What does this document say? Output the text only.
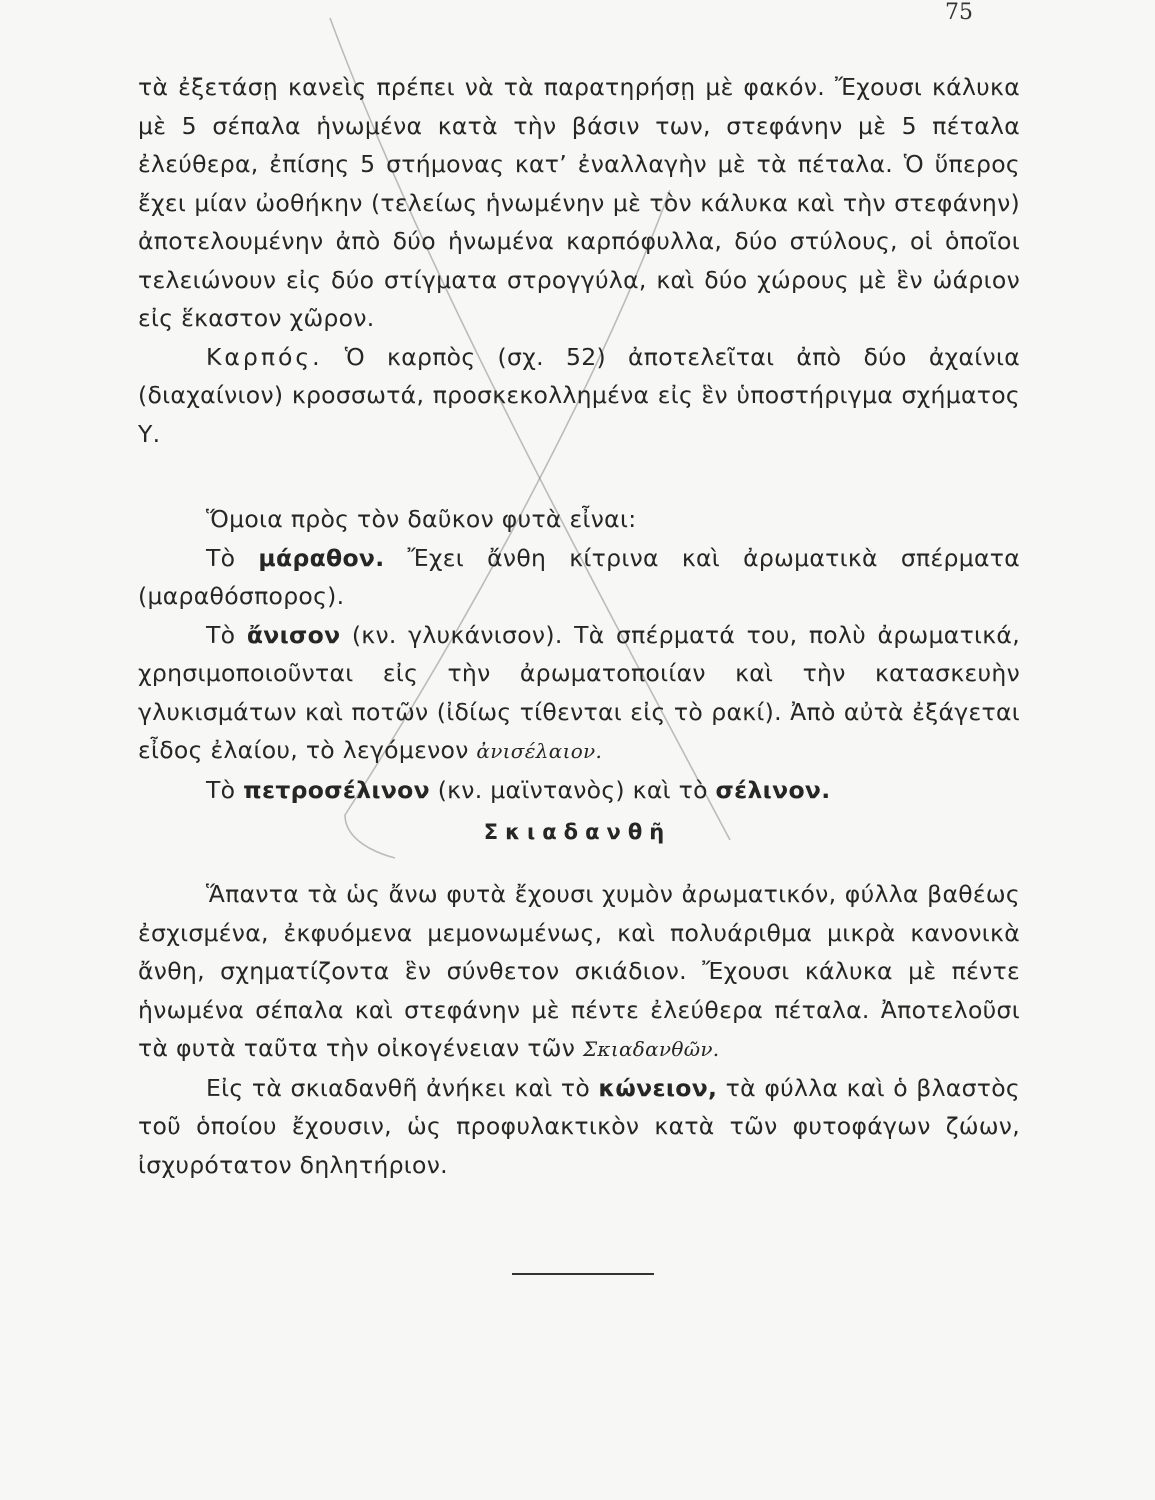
75

τὰ ἐξετάσῃ κανεὶς πρέπει νὰ τὰ παρατηρήσῃ μὲ φακόν. Ἔχουσι κάλυκα μὲ 5 σέπαλα ἡνωμένα κατὰ τὴν βάσιν των, στεφάνην μὲ 5 πέταλα ἐλεύθερα, ἐπίσης 5 στήμονας κατ’ ἐναλλαγὴν μὲ τὰ πέταλα. Ὁ ὕπερος ἔχει μίαν ὠοθήκην (τελείως ἡνωμένην μὲ τὸν κάλυκα καὶ τὴν στεφάνην) ἀποτελουμένην ἀπὸ δύο ἡνωμένα καρπόφυλλα, δύο στύλους, οἱ ὁποῖοι τελειώνουν εἰς δύο στίγματα στρογγύλα, καὶ δύο χώρους μὲ ἓν ὠάριον εἰς ἕκαστον χῶρον.

Καρπός. Ὁ καρπὸς (σχ. 52) ἀποτελεῖται ἀπὸ δύο ἀχαίνια (διαχαίνιον) κροσσωτά, προσκεκολλημένα εἰς ἓν ὑποστήριγμα σχήματος Υ.

Ὅμοια πρὸς τὸν δαῦκον φυτὰ εἶναι:

Τὸ μάραθον. Ἔχει ἄνθη κίτρινα καὶ ἀρωματικὰ σπέρματα (μαραθόσπορος).

Τὸ ἄνισον (κν. γλυκάνισον). Τὰ σπέρματά του, πολὺ ἀρωματικά, χρησιμοποιοῦνται εἰς τὴν ἀρωματοποιίαν καὶ τὴν κατασκευὴν γλυκισμάτων καὶ ποτῶν (ἰδίως τίθενται εἰς τὸ ρακί). Ἀπὸ αὐτὰ ἐξάγεται εἶδος ἐλαίου, τὸ λεγόμενον ἀνισέλαιον.

Τὸ πετροσέλινον (κν. μαϊντανὸς) καὶ τὸ σέλινον.

Σκιαδανθῆ

Ἅπαντα τὰ ὡς ἄνω φυτὰ ἔχουσι χυμὸν ἀρωματικόν, φύλλα βαθέως ἐσχισμένα, ἐκφυόμενα μεμονωμένως, καὶ πολυάριθμα μικρὰ κανονικὰ ἄνθη, σχηματίζοντα ἓν σύνθετον σκιάδιον. Ἔχουσι κάλυκα μὲ πέντε ἡνωμένα σέπαλα καὶ στεφάνην μὲ πέντε ἐλεύθερα πέταλα. Ἀποτελοῦσι τὰ φυτὰ ταῦτα τὴν οἰκογένειαν τῶν Σκιαδανθῶν.

Εἰς τὰ σκιαδανθῆ ἀνήκει καὶ τὸ κώνειον, τὰ φύλλα καὶ ὁ βλαστὸς τοῦ ὁποίου ἔχουσιν, ὡς προφυλακτικὸν κατὰ τῶν φυτοφάγων ζώων, ἰσχυρότατον δηλητήριον.
